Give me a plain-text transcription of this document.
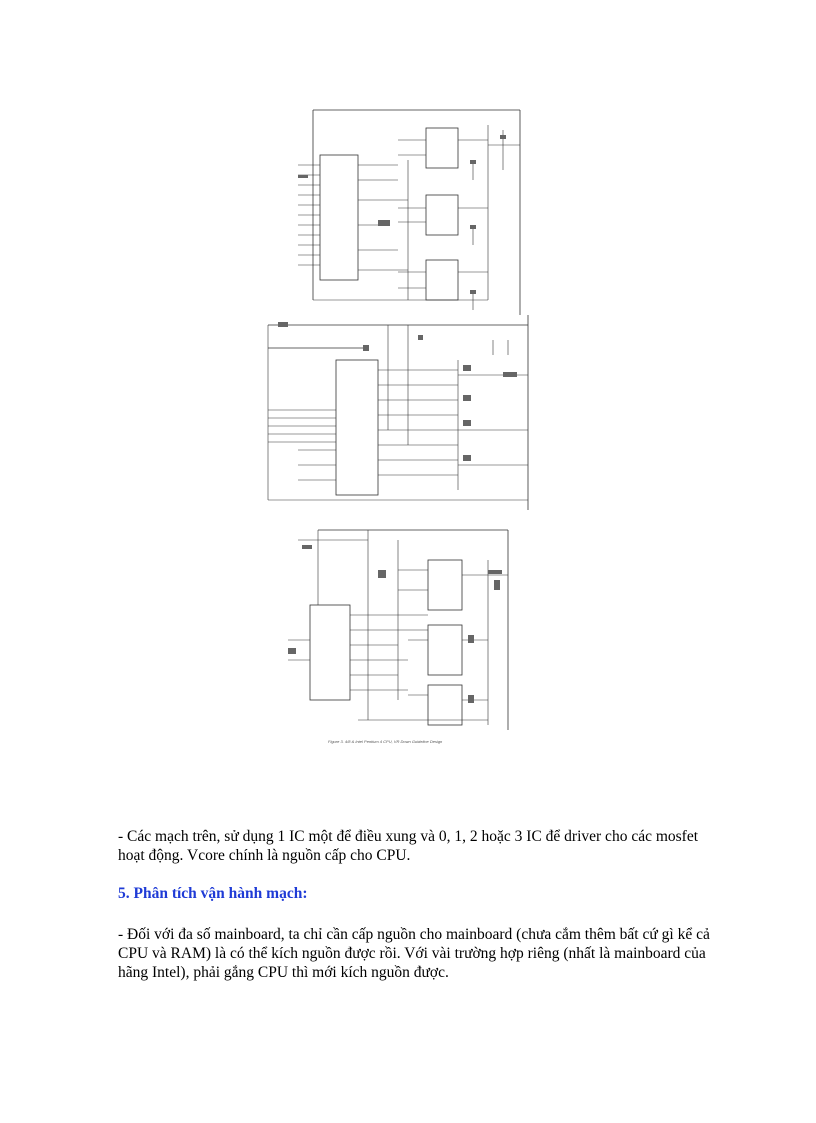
Figure 3. 4/8 & Intel Pentium 4 CPU, VR Down Guideline Design
- Các mạch trên, sử dụng 1 IC một để điều xung và 0, 1, 2 hoặc 3 IC để driver cho các mosfet hoạt động. Vcore chính là nguồn cấp cho CPU.
5. Phân tích vận hành mạch:
- Đối với đa số mainboard, ta chỉ cần cấp nguồn cho mainboard (chưa cắm thêm bất cứ gì kể cả CPU và RAM) là có thể kích nguồn được rồi. Với vài trường hợp riêng (nhất là mainboard của hãng Intel), phải gắng CPU thì mới kích nguồn được.
